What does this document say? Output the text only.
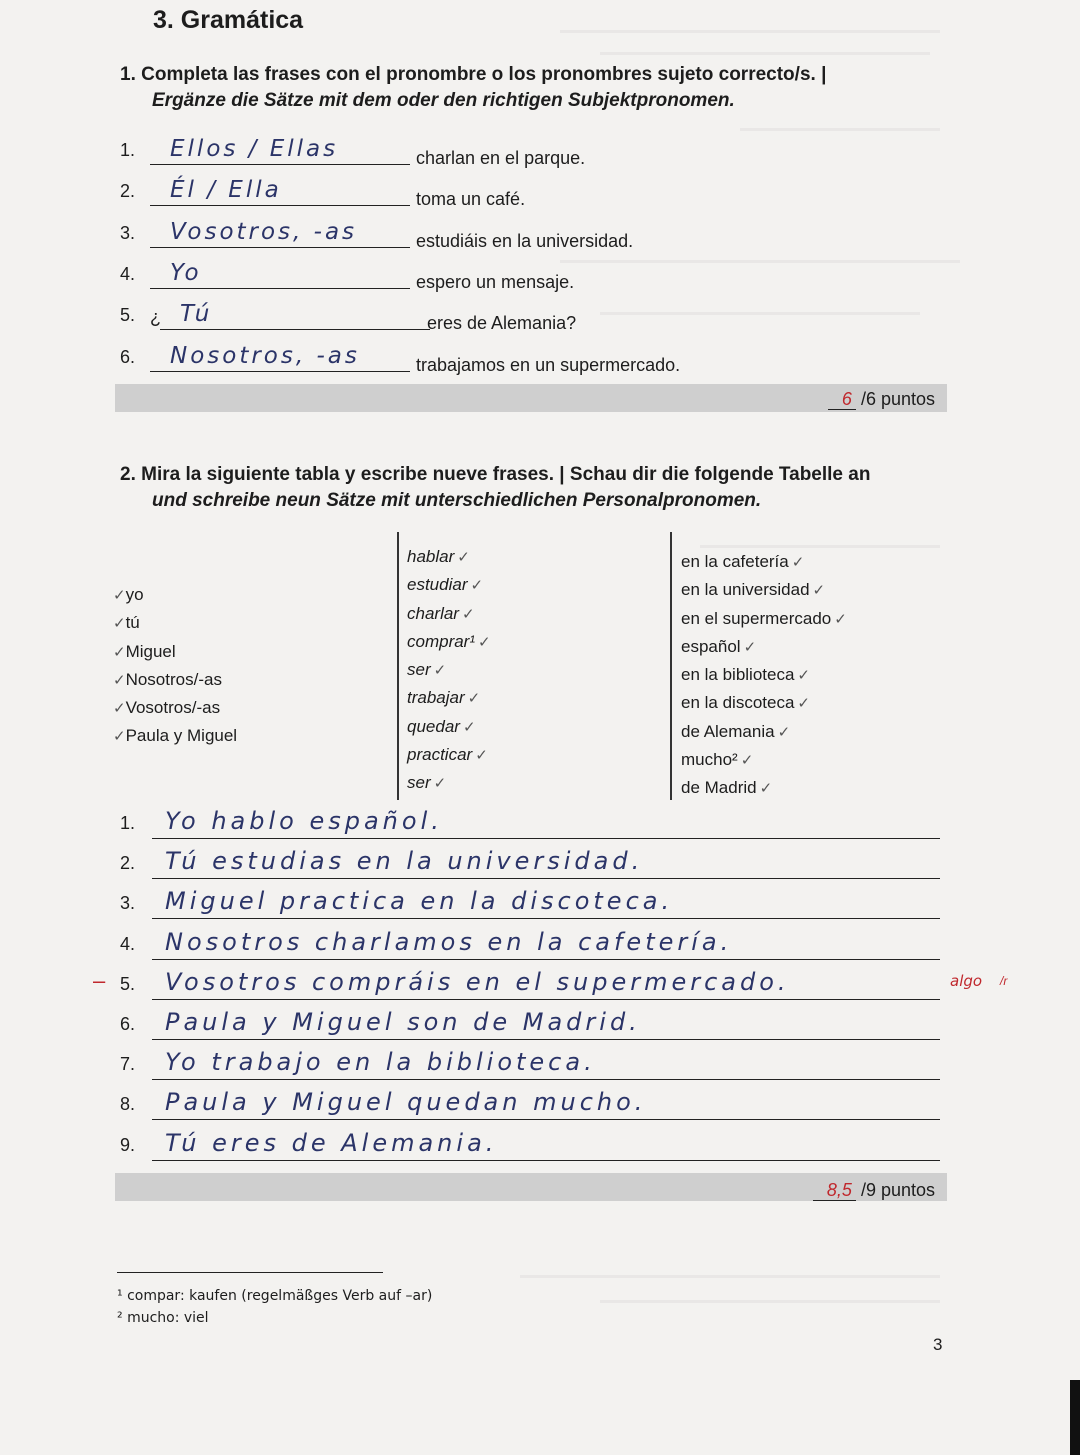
3. Gramática
1. Completa las frases con el pronombre o los pronombres sujeto correcto/s. |
Ergänze die Sätze mit dem oder den richtigen Subjektpronomen.
1. Ellos / Ellas	charlan en el parque.
2. Él / Ella	toma un café.
3. Vosotros, -as	estudiáis en la universidad.
4. Yo	espero un mensaje.
5. ¿ Tú	eres de Alemania?
6. Nosotros, -as	trabajamos en un supermercado.
6 /6 puntos
2. Mira la siguiente tabla y escribe nueve frases. | Schau dir die folgende Tabelle an
und schreibe neun Sätze mit unterschiedlichen Personalpronomen.
✓yo
✓tú
✓Miguel
✓Nosotros/-as
✓Vosotros/-as
✓Paula y Miguel
hablar ✓
estudiar ✓
charlar ✓
comprar¹ ✓
ser ✓
trabajar ✓
quedar ✓
practicar ✓
ser ✓
en la cafetería ✓
en la universidad ✓
en el supermercado ✓
español ✓
en la biblioteca ✓
en la discoteca ✓
de Alemania ✓
mucho² ✓
de Madrid ✓
1. Yo hablo español.
2. Tú estudias en la universidad.
3. Miguel practica en la discoteca.
4. Nosotros charlamos en la cafetería.
5. Vosotros compráis en el supermercado.
6. Paula y Miguel son de Madrid.
7. Yo trabajo en la biblioteca.
8. Paula y Miguel quedan mucho.
9. Tú eres de Alemania.
–	algo /r
8,5 /9 puntos
¹ compar: kaufen (regelmäßges Verb auf –ar)
² mucho: viel
3
